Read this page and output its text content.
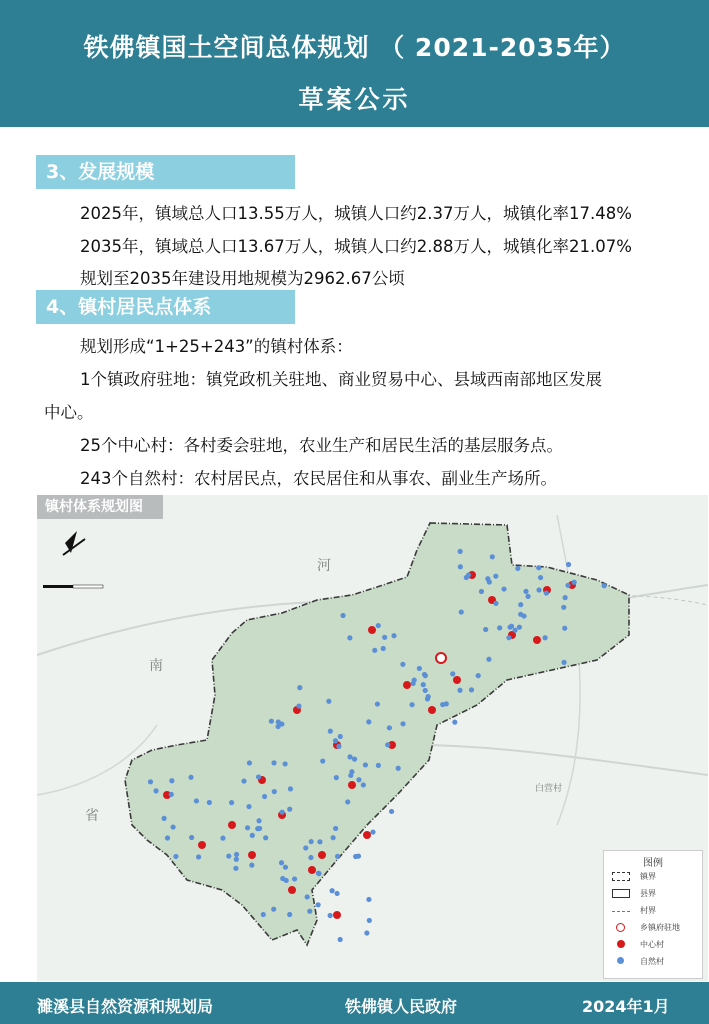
铁佛镇国土空间总体规划 （ 2021-2035年）
草案公示
3、发展规模
2025年，镇域总人口13.55万人，城镇人口约2.37万人，城镇化率17.48%
2035年，镇域总人口13.67万人，城镇人口约2.88万人，城镇化率21.07%
规划至2035年建设用地规模为2962.67公顷
4、镇村居民点体系
规划形成“1+25+243”的镇村体系：
1个镇政府驻地：镇党政机关驻地、商业贸易中心、县域西南部地区发展
中心。
25个中心村：各村委会驻地，农业生产和居民生活的基层服务点。
243个自然村：农村居民点，农民居住和从事农、副业生产场所。
镇村体系规划图
河
南
省
白营村
图例
镇界
县界
村界
乡镇府驻地
中心村
自然村
濉溪县自然资源和规划局	铁佛镇人民政府	2024年1月
